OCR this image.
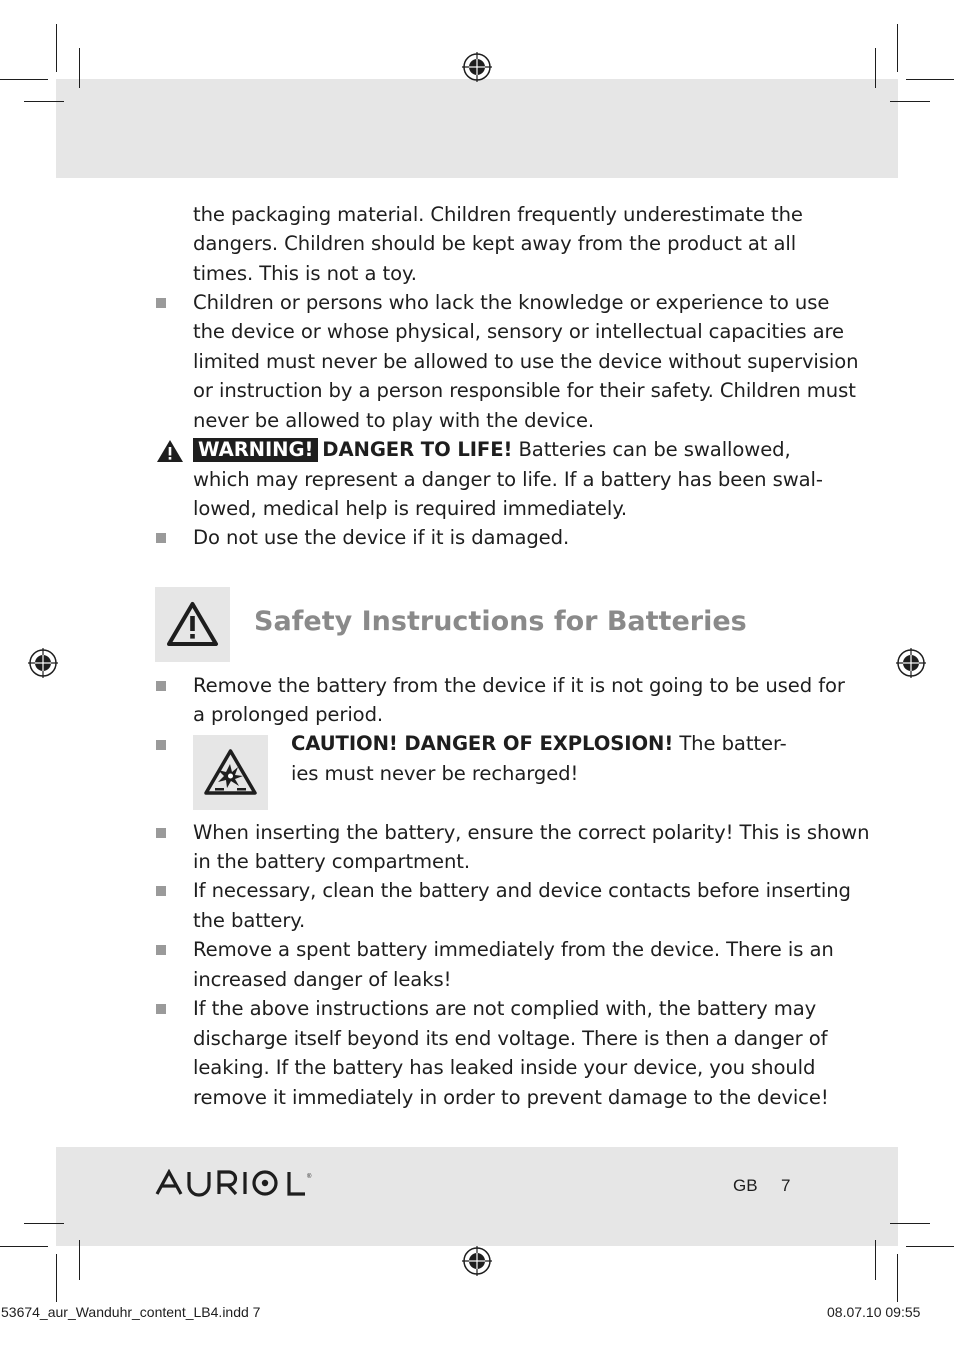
the packaging material. Children frequently underestimate the
dangers. Children should be kept away from the product at all
times. This is not a toy.
Children or persons who lack the knowledge or experience to use
the device or whose physical, sensory or intellectual capacities are
limited must never be allowed to use the device without supervision
or instruction by a person responsible for their safety. Children must
never be allowed to play with the device.
WARNING! DANGER TO LIFE! Batteries can be swallowed,
which may represent a danger to life. If a battery has been swal-
lowed, medical help is required immediately.
Do not use the device if it is damaged.
Safety Instructions for Batteries
Remove the battery from the device if it is not going to be used for
a prolonged period.
CAUTION! DANGER OF EXPLOSION! The batter-
ies must never be recharged!
When inserting the battery, ensure the correct polarity! This is shown
in the battery compartment.
If necessary, clean the battery and device contacts before inserting
the battery.
Remove a spent battery immediately from the device. There is an
increased danger of leaks!
If the above instructions are not complied with, the battery may
discharge itself beyond its end voltage. There is then a danger of
leaking. If the battery has leaked inside your device, you should
remove it immediately in order to prevent damage to the device!
®	GB 7
53674_aur_Wanduhr_content_LB4.indd 7	08.07.10 09:55
